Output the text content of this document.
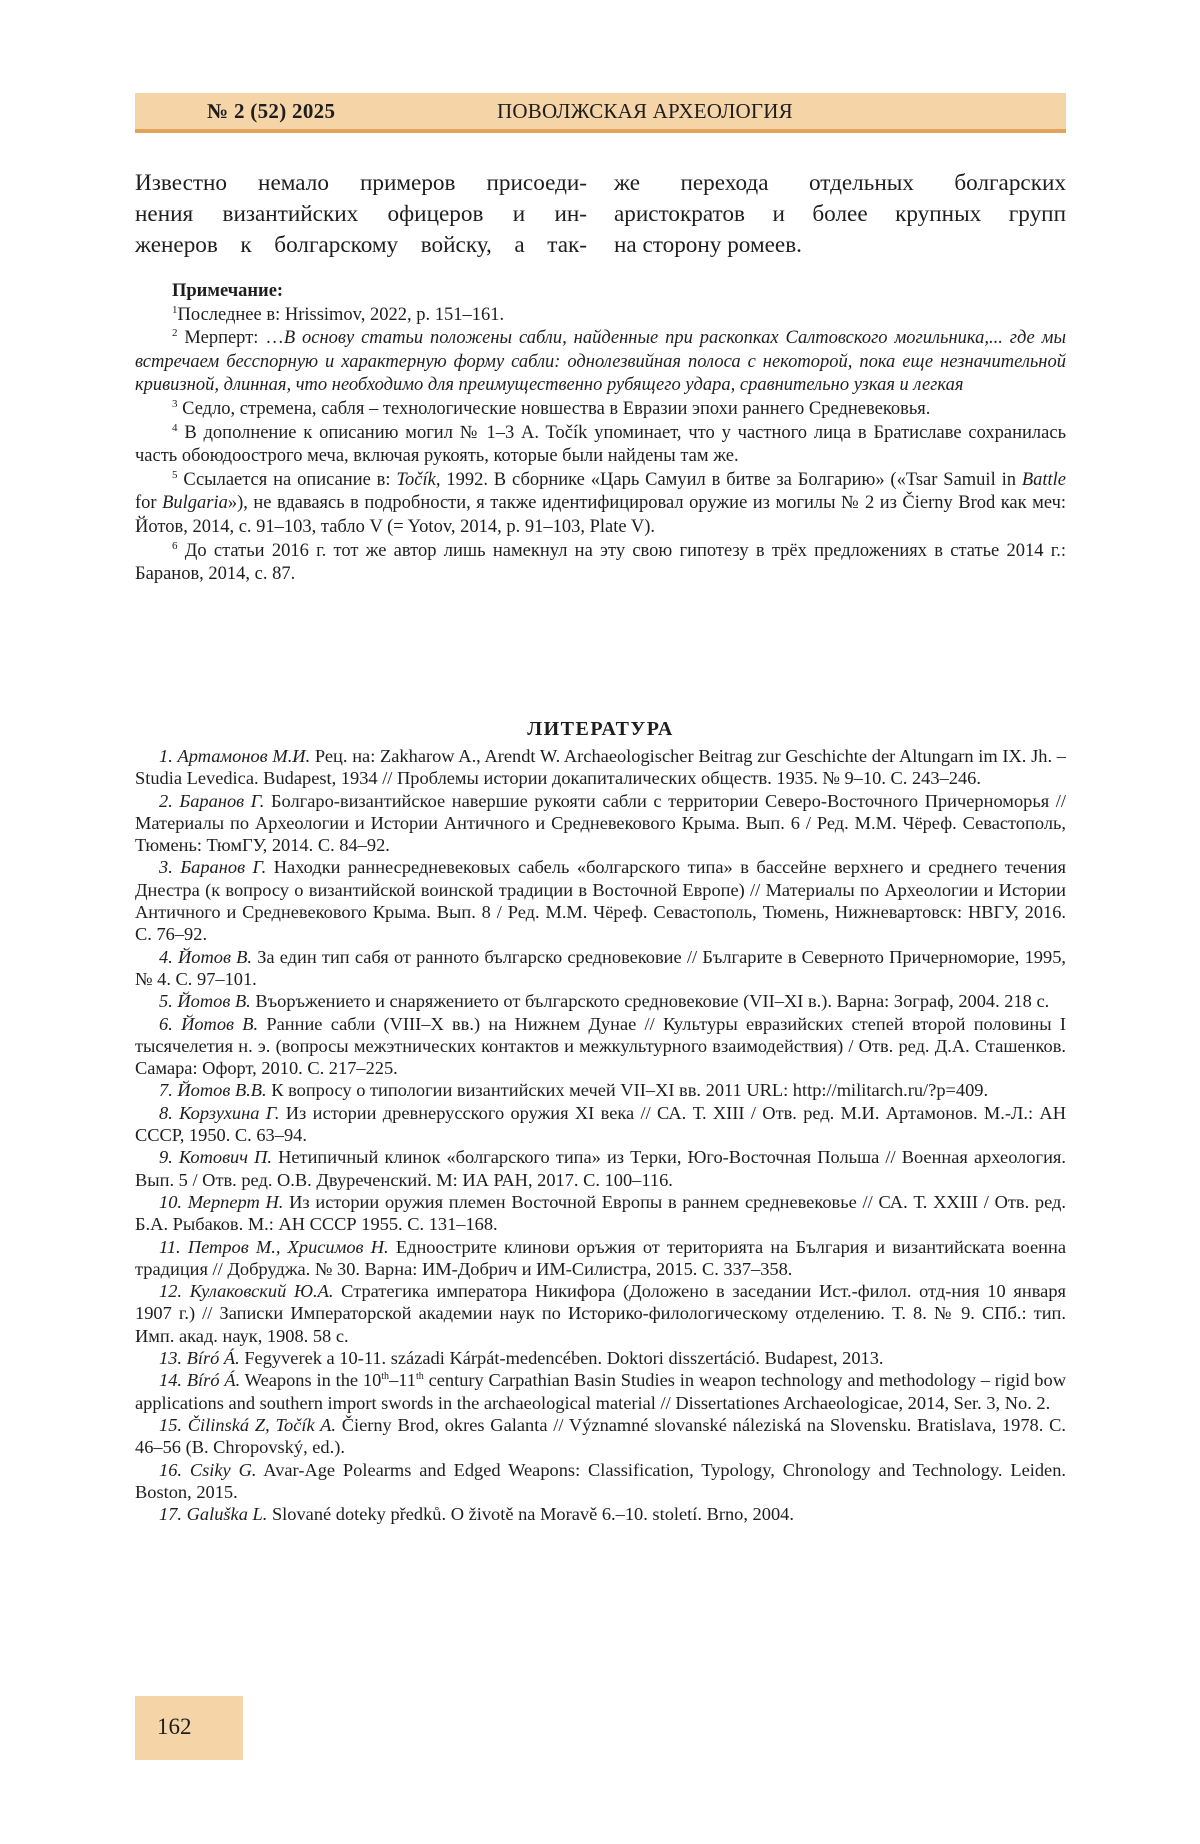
№ 2 (52) 2025	ПОВОЛЖСКАЯ АРХЕОЛОГИЯ
Известно немало примеров присоеди-
нения византийских офицеров и ин-
женеров к болгарскому войску, а так-
же перехода отдельных болгарских
аристократов и более крупных групп
на сторону ромеев.
Примечание:

$^1$Последнее в: Hrissimov, 2022, p. 151–161.

$^2$ Мерперт: …В основу статьи положены сабли, найденные при раскопках Салтовского могильника,... где мы встречаем бесспорную и характерную форму сабли: однолезвийная полоса с некоторой, пока еще незначительной кривизной, длинная, что необходимо для преимущественно рубящего удара, сравнительно узкая и легкая

$^3$ Седло, стремена, сабля – технологические новшества в Евразии эпохи раннего Средневековья.

$^4$ В дополнение к описанию могил № 1–3 A. Točík упоминает, что у частного лица в Братиславе сохранилась часть обоюдоострого меча, включая рукоять, которые были найдены там же.

$^5$ Ссылается на описание в: Točík, 1992. В сборнике «Царь Самуил в битве за Болгарию» («Tsar Samuil in Battle for Bulgaria»), не вдаваясь в подробности, я также идентифицировал оружие из могилы № 2 из Čierny Brod как меч: Йотов, 2014, с. 91–103, табло V (= Yotov, 2014, p. 91–103, Plate V).

$^6$ До статьи 2016 г. тот же автор лишь намекнул на эту свою гипотезу в трёх предложениях в статье 2014 г.: Баранов, 2014, с. 87.

ЛИТЕРАТУРА

1. Артамонов М.И. Рец. на: Zakharow A., Arendt W. Archaeologischer Beitrag zur Geschichte der Altungarn im IX. Jh. – Studia Levedica. Budapest, 1934 // Проблемы истории докапиталических обществ. 1935. № 9–10. С. 243–246.

2. Баранов Г. Болгаро-византийское навершие рукояти сабли с территории Северо-Восточного Причерноморья // Материалы по Археологии и Истории Античного и Средневекового Крыма. Вып. 6 / Ред. М.М. Чёреф. Севастополь, Тюмень: ТюмГУ, 2014. С. 84–92.

3. Баранов Г. Находки раннесредневековых сабель «болгарского типа» в бассейне верхнего и среднего течения Днестра (к вопросу о византийской воинской традиции в Восточной Европе) // Материалы по Археологии и Истории Античного и Средневекового Крыма. Вып. 8 / Ред. М.М. Чёреф. Севастополь, Тюмень, Нижневартовск: НВГУ, 2016. С. 76–92.

4. Йотов В. За един тип сабя от ранното българско средновековие // Българите в Северното Причерноморие, 1995, № 4. С. 97–101.

5. Йотов В. Въоръжението и снаряжението от българското средновековие (VII–XI в.). Варна: Зограф, 2004. 218 с.

6. Йотов В. Ранние сабли (VIII–X вв.) на Нижнем Дунае // Культуры евразийских степей второй половины I тысячелетия н. э. (вопросы межэтнических контактов и межкультурного взаимодействия) / Отв. ред. Д.А. Сташенков. Самара: Офорт, 2010. С. 217–225.

7. Йотов В.В. К вопросу о типологии византийских мечей VII–XI вв. 2011 URL: http://militarch.ru/?p=409.

8. Корзухина Г. Из истории древнерусского оружия XI века // СА. Т. XIII / Отв. ред. М.И. Артамонов. М.-Л.: АН СССР, 1950. С. 63–94.

9. Котович П. Нетипичный клинок «болгарского типа» из Терки, Юго-Восточная Польша // Военная археология. Вып. 5 / Отв. ред. О.В. Двуреченский. М: ИА РАН, 2017. С. 100–116.

10. Мерперт Н. Из истории оружия племен Восточной Европы в раннем средневековье // СА. Т. XXIII / Отв. ред. Б.А. Рыбаков. М.: АН СССР 1955. С. 131–168.

11. Петров М., Хрисимов Н. Едноострите клинови оръжия от територията на България и византийската военна традиция // Добруджа. № 30. Варна: ИМ-Добрич и ИМ-Силистра, 2015. С. 337–358.

12. Кулаковский Ю.А. Стратегика императора Никифора (Доложено в заседании Ист.-филол. отд-ния 10 января 1907 г.) // Записки Императорской академии наук по Историко-филологическому отделению. Т. 8. № 9. СПб.: тип. Имп. акад. наук, 1908. 58 с.

13. Bíró Á. Fegyverek a 10-11. századi Kárpát-medencében. Doktori disszertáció. Budapest, 2013.

14. Bíró Á. Weapons in the 10th–11th century Carpathian Basin Studies in weapon technology and methodology – rigid bow applications and southern import swords in the archaeological material // Dissertationes Archaeologicae, 2014, Ser. 3, No. 2.

15. Čilinská Z, Točík A. Čierny Brod, okres Galanta // Významné slovanské náleziská na Slovensku. Bratislava, 1978. С. 46–56 (B. Chropovský, ed.).

16. Csiky G. Avar-Age Polearms and Edged Weapons: Classification, Typology, Chronology and Technology. Leiden. Boston, 2015.

17. Galuška L. Slované doteky předků. O životě na Moravě 6.–10. století. Brno, 2004.

162
